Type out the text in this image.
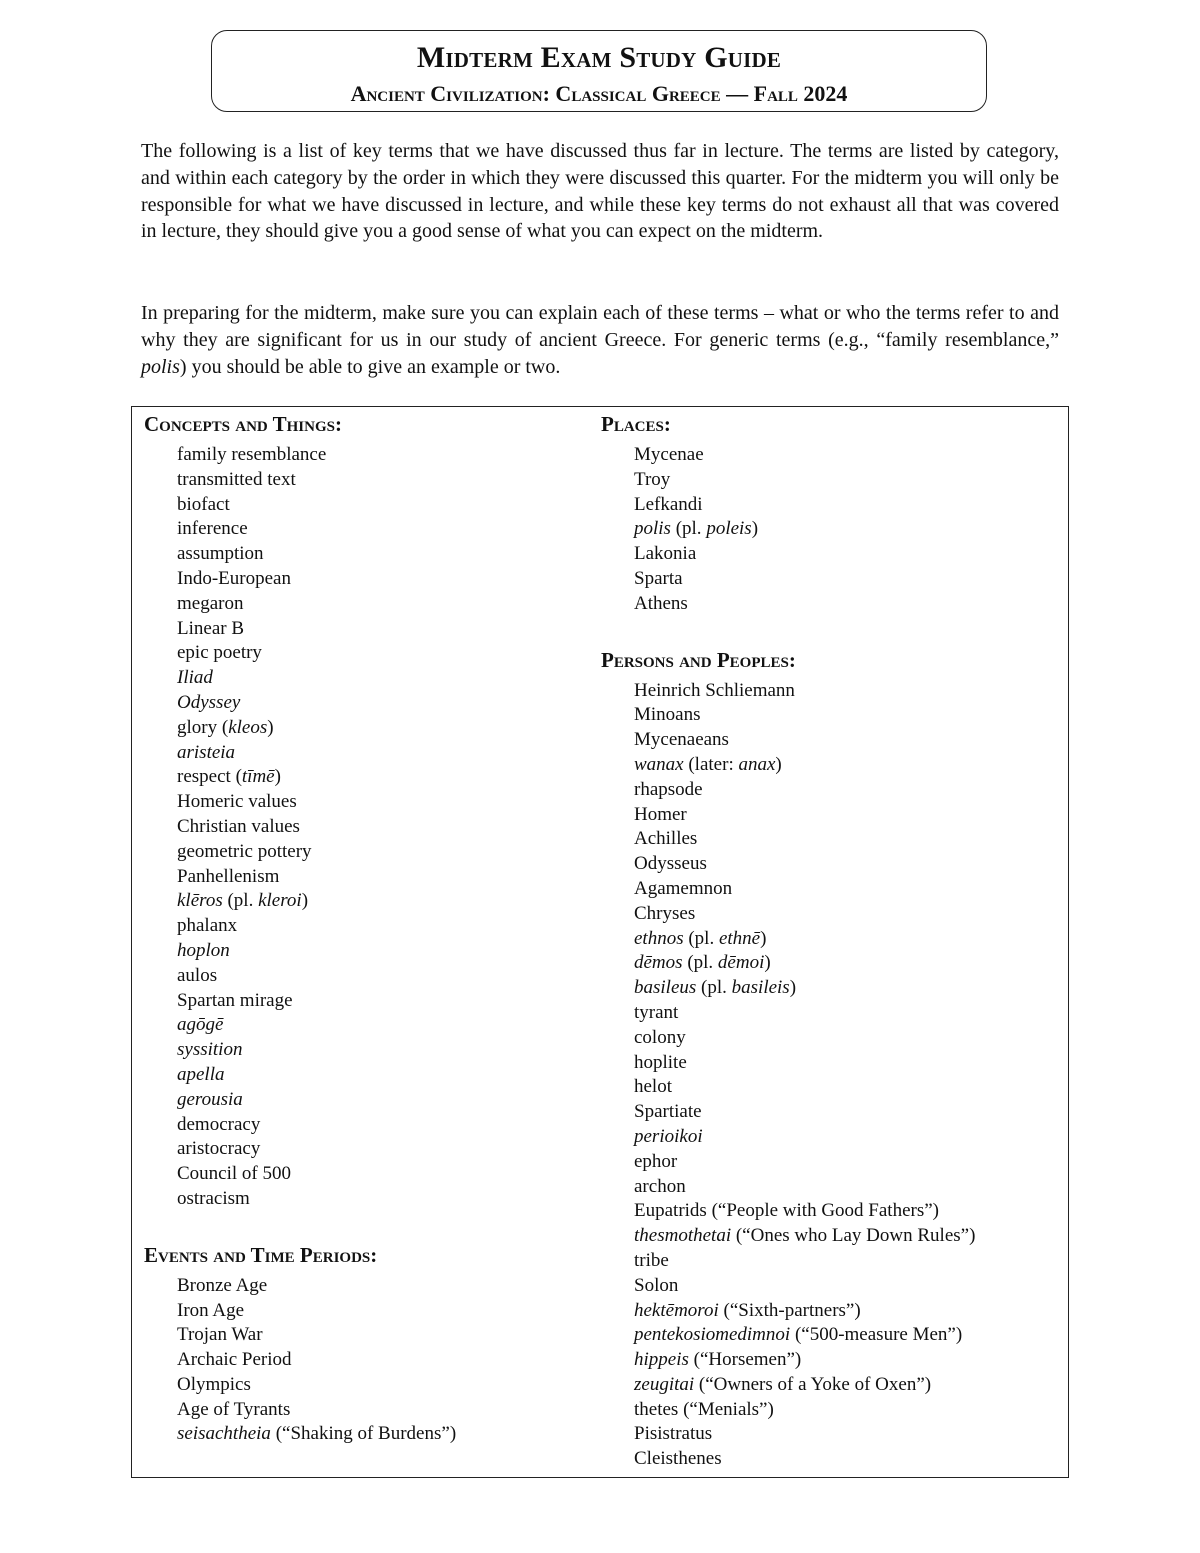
Midterm Exam Study Guide
Ancient Civilization: Classical Greece — Fall 2024

The following is a list of key terms that we have discussed thus far in lecture. The terms are listed by category, and within each category by the order in which they were discussed this quarter. For the midterm you will only be responsible for what we have discussed in lecture, and while these key terms do not exhaust all that was covered in lecture, they should give you a good sense of what you can expect on the midterm.

In preparing for the midterm, make sure you can explain each of these terms – what or who the terms refer to and why they are significant for us in our study of ancient Greece. For generic terms (e.g., “family resemblance,” polis) you should be able to give an example or two.

Concepts and Things:
family resemblance
transmitted text
biofact
inference
assumption
Indo-European
megaron
Linear B
epic poetry
Iliad
Odyssey
glory (kleos)
aristeia
respect (tīmē)
Homeric values
Christian values
geometric pottery
Panhellenism
klēros (pl. kleroi)
phalanx
hoplon
aulos
Spartan mirage
agōgē
syssition
apella
gerousia
democracy
aristocracy
Council of 500
ostracism
Events and Time Periods:
Bronze Age
Iron Age
Trojan War
Archaic Period
Olympics
Age of Tyrants
seisachtheia (“Shaking of Burdens”)
Places:
Mycenae
Troy
Lefkandi
polis (pl. poleis)
Lakonia
Sparta
Athens
Persons and Peoples:
Heinrich Schliemann
Minoans
Mycenaeans
wanax (later: anax)
rhapsode
Homer
Achilles
Odysseus
Agamemnon
Chryses
ethnos (pl. ethnē)
dēmos (pl. dēmoi)
basileus (pl. basileis)
tyrant
colony
hoplite
helot
Spartiate
perioikoi
ephor
archon
Eupatrids (“People with Good Fathers”)
thesmothetai (“Ones who Lay Down Rules”)
tribe
Solon
hektēmoroi (“Sixth-partners”)
pentekosiomedimnoi (“500-measure Men”)
hippeis (“Horsemen”)
zeugitai (“Owners of a Yoke of Oxen”)
thetes (“Menials”)
Pisistratus
Cleisthenes
